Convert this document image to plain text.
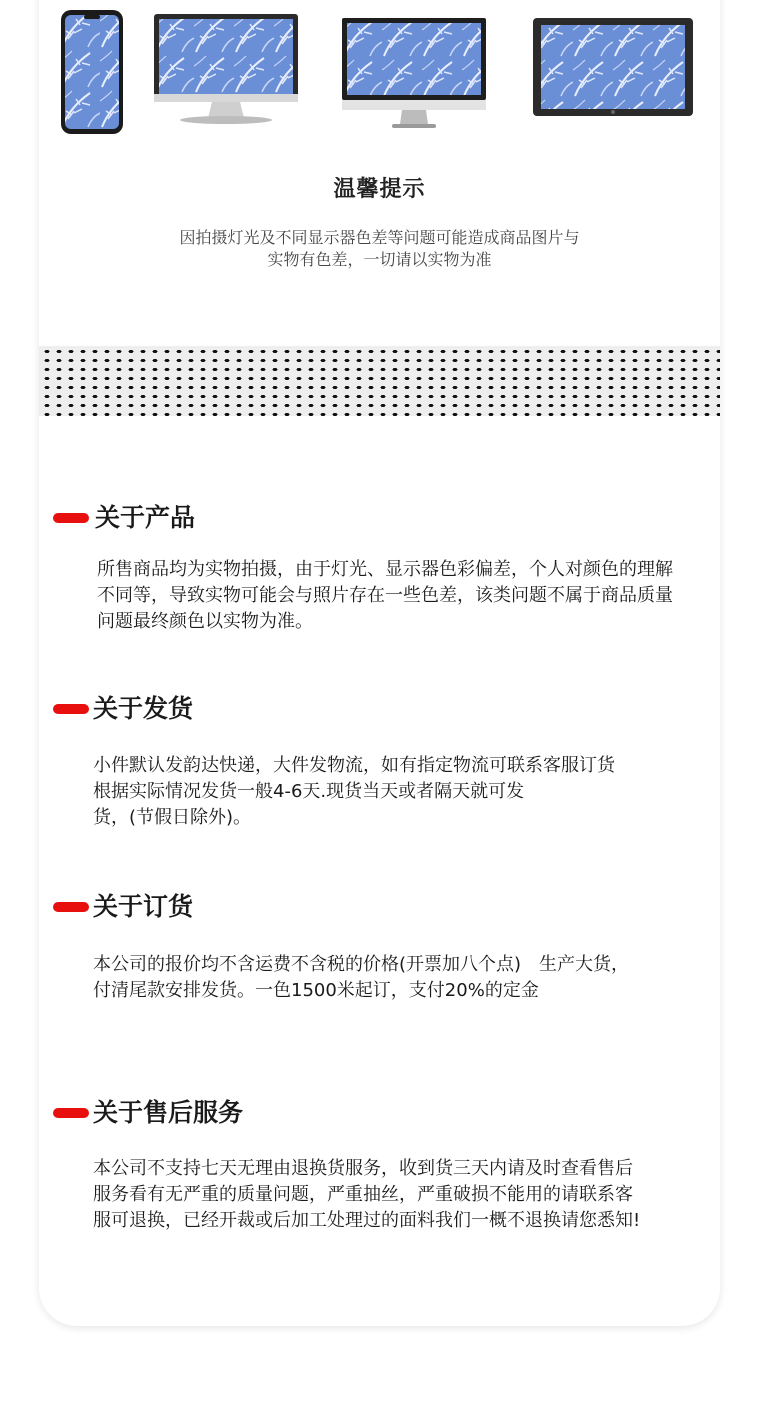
温馨提示
因拍摄灯光及不同显示器色差等问题可能造成商品图片与
实物有色差，一切请以实物为准
关于产品
所售商品均为实物拍摄，由于灯光、显示器色彩偏差，个人对颜色的理解
不同等，导致实物可能会与照片存在一些色差，该类问题不属于商品质量
问题最终颜色以实物为准。
关于发货
小件默认发韵达快递，大件发物流，如有指定物流可联系客服订货
根据实际情况发货一般4-6天.现货当天或者隔天就可发
货，(节假日除外)。
关于订货
本公司的报价均不含运费不含税的价格(开票加八个点)　生产大货，
付清尾款安排发货。一色1500米起订，支付20%的定金
关于售后服务
本公司不支持七天无理由退换货服务，收到货三天内请及时查看售后
服务看有无严重的质量问题，严重抽丝，严重破损不能用的请联系客
服可退换，已经开裁或后加工处理过的面料我们一概不退换请您悉知!
